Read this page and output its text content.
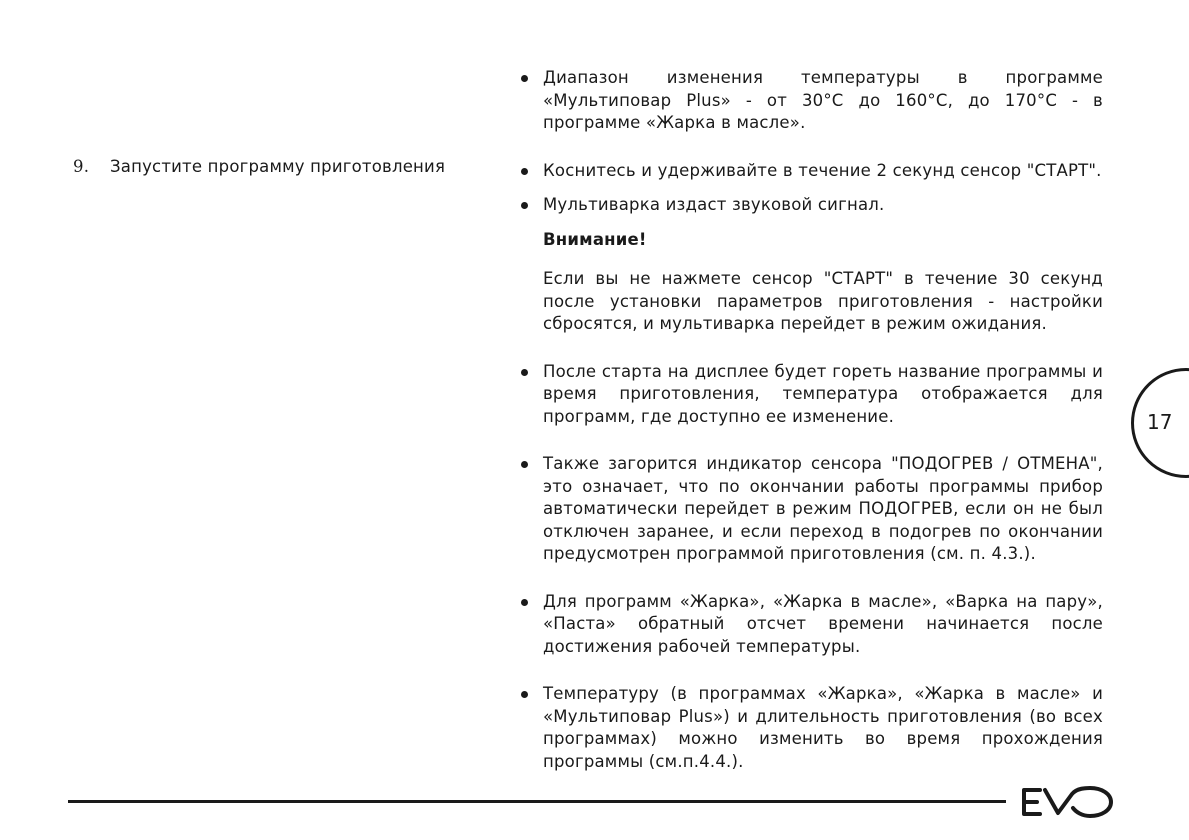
9. Запустите программу приготовления
Диапазон изменения температуры в программе «Мультиповар Plus» - от 30°С до 160°С, до 170°С - в программе «Жарка в масле».
Коснитесь и удерживайте в течение 2 секунд сенсор "СТАРТ".
Мультиварка издаст звуковой сигнал.
Внимание!
Если вы не нажмете сенсор "СТАРТ" в течение 30 секунд после установки параметров приготовления - настройки сбросятся, и мультиварка перейдет в режим ожидания.
После старта на дисплее будет гореть название программы и время приготовления, температура отображается для программ, где доступно ее изменение.
Также загорится индикатор сенсора "ПОДОГРЕВ / ОТМЕНА", это означает, что по окончании работы программы прибор автоматически перейдет в режим ПОДОГРЕВ, если он не был отключен заранее, и если переход в подогрев по окончании предусмотрен программой приготовления (см. п. 4.3.).
Для программ «Жарка», «Жарка в масле», «Варка на пару», «Паста» обратный отсчет времени начинается после достижения рабочей температуры.
Температуру (в программах «Жарка», «Жарка в масле» и «Мультиповар Plus») и длительность приготовления (во всех программах) можно изменить во время прохождения программы (см.п.4.4.).
17
